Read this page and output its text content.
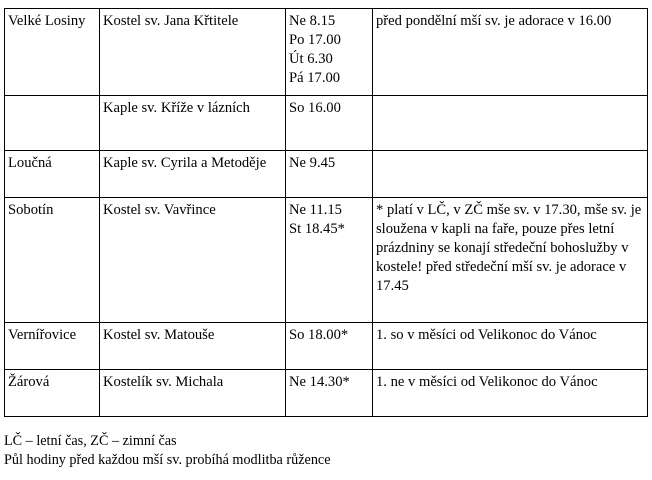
Velké Losiny	Kostel sv. Jana Křtitele	Ne 8.15
Po 17.00
Út 6.30
Pá 17.00	před pondělní mší sv. je adorace v 16.00
	Kaple sv. Kříže v lázních	So 16.00	

Loučná	Kaple sv. Cyrila a Metoděje	Ne 9.45	

Sobotín	Kostel sv. Vavřince	Ne 11.15
St 18.45*	* platí v LČ, v ZČ mše sv. v 17.30, mše sv. je sloužena v kapli na faře, pouze přes letní prázdniny se konají středeční bohoslužby v kostele! před středeční mší sv. je adorace v 17.45
Vernířovice	Kostel sv. Matouše	So 18.00*	1. so v měsíci od Velikonoc do Vánoc
Žárová	Kostelík sv. Michala	Ne 14.30*	1. ne v měsíci od Velikonoc do Vánoc
LČ – letní čas, ZČ – zimní čas
Půl hodiny před každou mší sv. probíhá modlitba růžence
